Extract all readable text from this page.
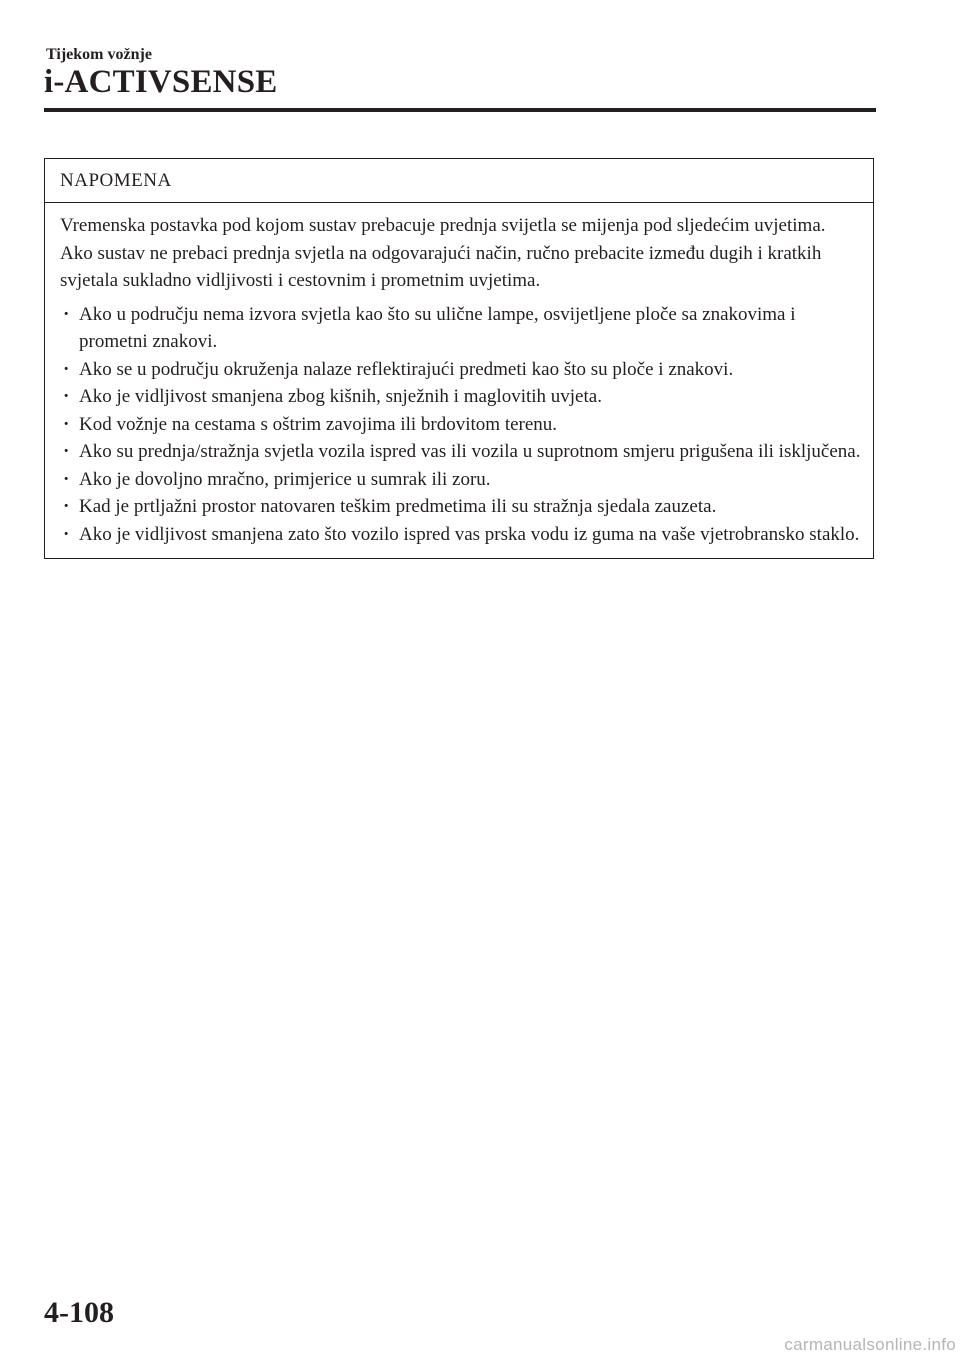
Tijekom vožnje
i-ACTIVSENSE
NAPOMENA

Vremenska postavka pod kojom sustav prebacuje prednja svijetla se mijenja pod sljedećim uvjetima. Ako sustav ne prebaci prednja svjetla na odgovarajući način, ručno prebacite između dugih i kratkih svjetala sukladno vidljivosti i cestovnim i prometnim uvjetima.

· Ako u području nema izvora svjetla kao što su ulične lampe, osvijetljene ploče sa znakovima i prometni znakovi.
· Ako se u području okruženja nalaze reflektirajući predmeti kao što su ploče i znakovi.
· Ako je vidljivost smanjena zbog kišnih, snježnih i maglovitih uvjeta.
· Kod vožnje na cestama s oštrim zavojima ili brdovitom terenu.
· Ako su prednja/stražnja svjetla vozila ispred vas ili vozila u suprotnom smjeru prigušena ili isključena.
· Ako je dovoljno mračno, primjerice u sumrak ili zoru.
· Kad je prtljažni prostor natovaren teškim predmetima ili su stražnja sjedala zauzeta.
· Ako je vidljivost smanjena zato što vozilo ispred vas prska vodu iz guma na vaše vjetrobransko staklo.
4-108
carmanualsonline.info
